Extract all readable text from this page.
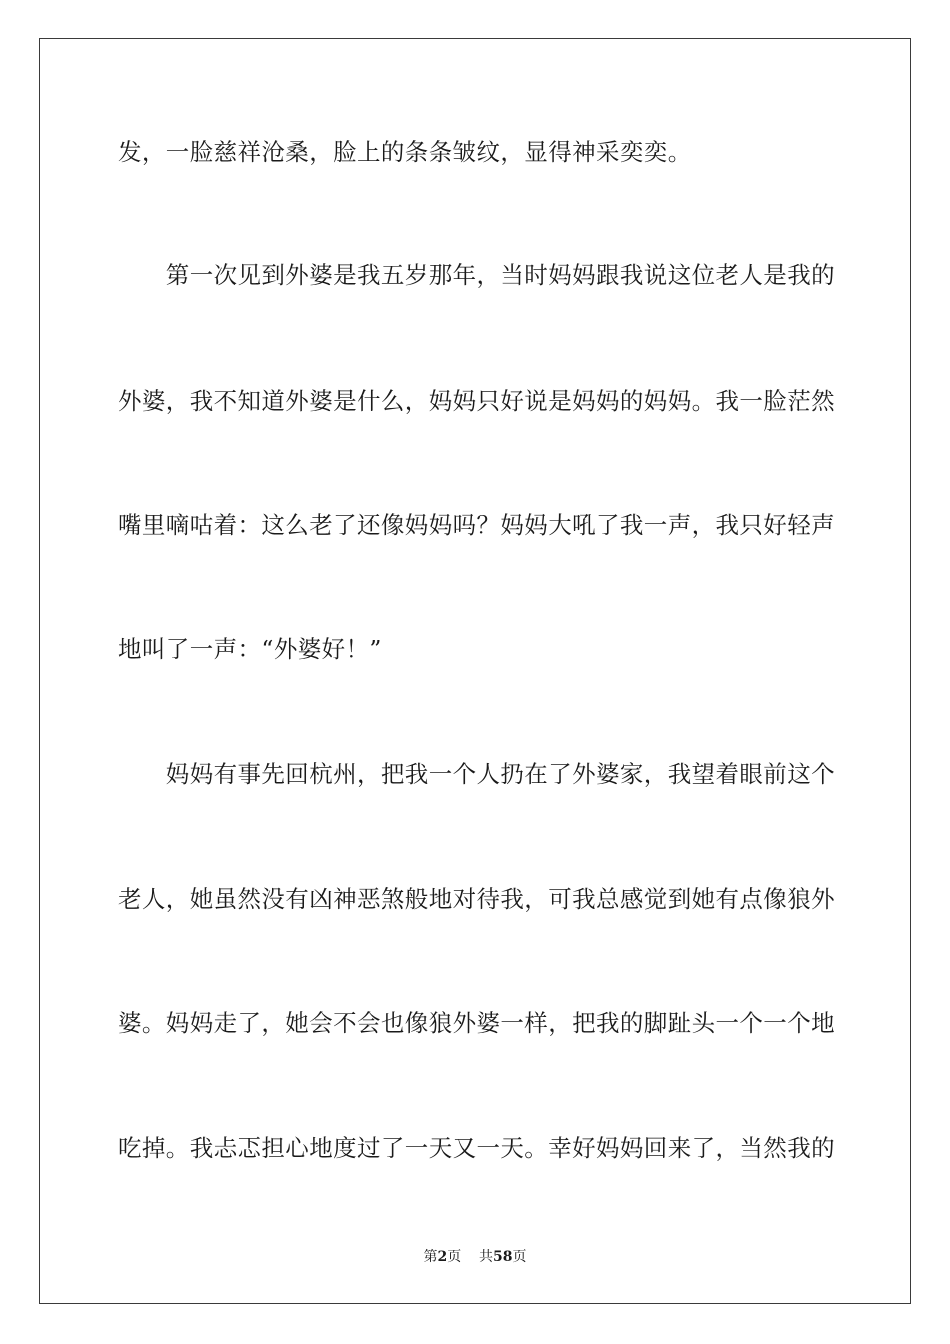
发，一脸慈祥沧桑，脸上的条条皱纹，显得神采奕奕。
　　第一次见到外婆是我五岁那年，当时妈妈跟我说这位老人是我的
外婆，我不知道外婆是什么，妈妈只好说是妈妈的妈妈。我一脸茫然
嘴里嘀咕着：这么老了还像妈妈吗？妈妈大吼了我一声，我只好轻声
地叫了一声：“外婆好！”
　　妈妈有事先回杭州，把我一个人扔在了外婆家，我望着眼前这个
老人，她虽然没有凶神恶煞般地对待我，可我总感觉到她有点像狼外
婆。妈妈走了，她会不会也像狼外婆一样，把我的脚趾头一个一个地
吃掉。我忐忑担心地度过了一天又一天。幸好妈妈回来了，当然我的
第2页 共58页
